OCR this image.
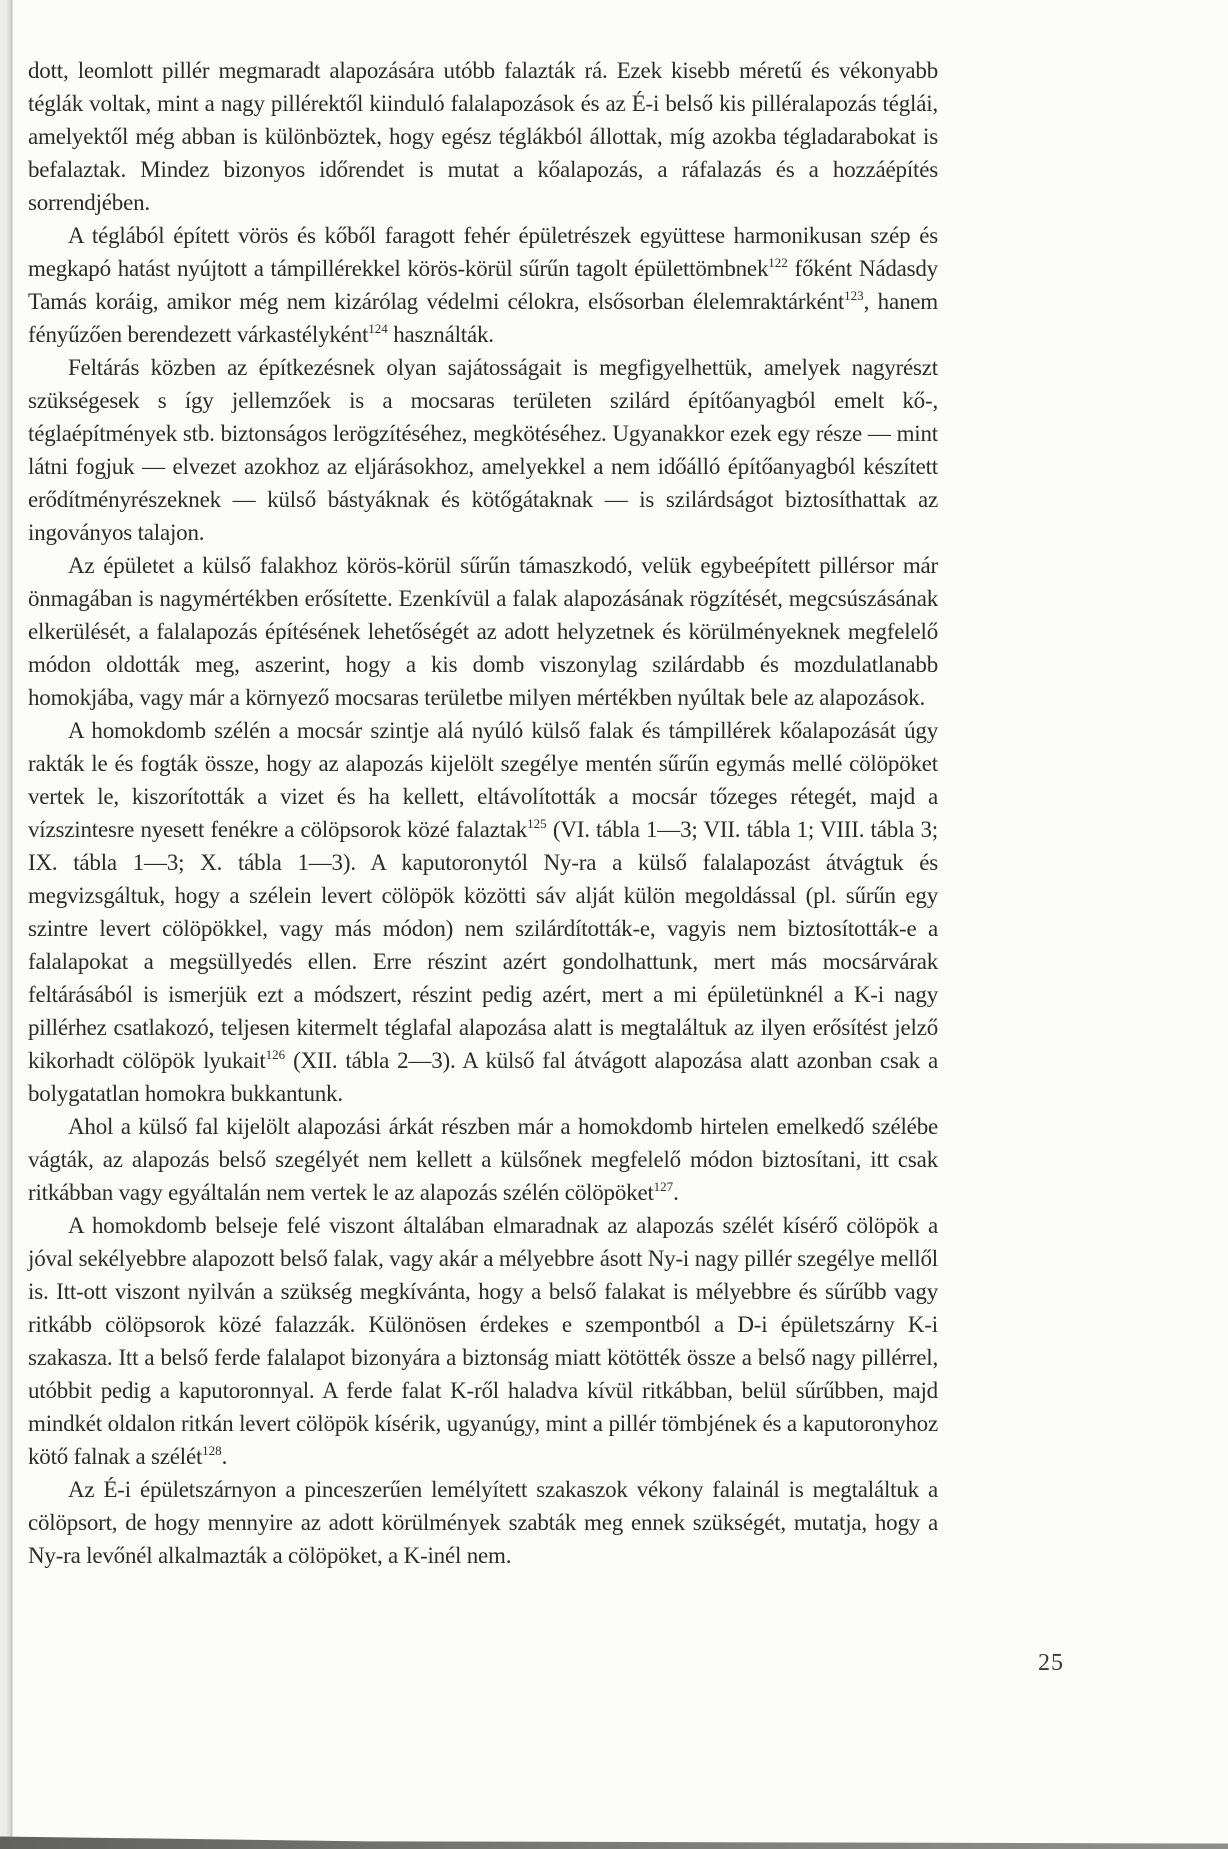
dott, leomlott pillér megmaradt alapozására utóbb falazták rá. Ezek kisebb méretű és vékonyabb téglák voltak, mint a nagy pillérektől kiinduló falalapozások és az É-i belső kis pilléralapozás téglái, amelyektől még abban is különböztek, hogy egész téglákból állottak, míg azokba tégladarabokat is befalaztak. Mindez bizonyos időrendet is mutat a kőalapozás, a ráfalazás és a hozzáépítés sorrendjében.

A téglából épített vörös és kőből faragott fehér épületrészek együttese harmonikusan szép és megkapó hatást nyújtott a támpillérekkel körös-körül sűrűn tagolt épülettömbnek$^{122}$ főként Nádasdy Tamás koráig, amikor még nem kizárólag védelmi célokra, elsősorban élelemraktárként$^{123}$, hanem fényűzően berendezett várkastélyként$^{124}$ használták.

Feltárás közben az építkezésnek olyan sajátosságait is megfigyelhettük, amelyek nagyrészt szükségesek s így jellemzőek is a mocsaras területen szilárd építőanyagból emelt kő-, téglaépítmények stb. biztonságos lerögzítéséhez, megkötéséhez. Ugyanakkor ezek egy része — mint látni fogjuk — elvezet azokhoz az eljárásokhoz, amelyekkel a nem időálló építőanyagból készített erődítményrészeknek — külső bástyáknak és kötőgátaknak — is szilárdságot biztosíthattak az ingoványos talajon.

Az épületet a külső falakhoz körös-körül sűrűn támaszkodó, velük egybeépített pillérsor már önmagában is nagymértékben erősítette. Ezenkívül a falak alapozásának rögzítését, megcsúszásának elkerülését, a falalapozás építésének lehetőségét az adott helyzetnek és körülményeknek megfelelő módon oldották meg, aszerint, hogy a kis domb viszonylag szilárdabb és mozdulatlanabb homokjába, vagy már a környező mocsaras területbe milyen mértékben nyúltak bele az alapozások.

A homokdomb szélén a mocsár szintje alá nyúló külső falak és támpillérek kőalapozását úgy rakták le és fogták össze, hogy az alapozás kijelölt szegélye mentén sűrűn egymás mellé cölöpöket vertek le, kiszorították a vizet és ha kellett, eltávolították a mocsár tőzeges rétegét, majd a vízszintesre nyesett fenékre a cölöpsorok közé falaztak$^{125}$ (VI. tábla 1—3; VII. tábla 1; VIII. tábla 3; IX. tábla 1—3; X. tábla 1—3). A kaputoronytól Ny-ra a külső falalapozást átvágtuk és megvizsgáltuk, hogy a szélein levert cölöpök közötti sáv alját külön megoldással (pl. sűrűn egy szintre levert cölöpökkel, vagy más módon) nem szilárdították-e, vagyis nem biztosították-e a falalapokat a megsüllyedés ellen. Erre részint azért gondolhattunk, mert más mocsárvárak feltárásából is ismerjük ezt a módszert, részint pedig azért, mert a mi épületünknél a K-i nagy pillérhez csatlakozó, teljesen kitermelt téglafal alapozása alatt is megtaláltuk az ilyen erősítést jelző kikorhadt cölöpök lyukait$^{126}$ (XII. tábla 2—3). A külső fal átvágott alapozása alatt azonban csak a bolygatatlan homokra bukkantunk.

Ahol a külső fal kijelölt alapozási árkát részben már a homokdomb hirtelen emelkedő szélébe vágták, az alapozás belső szegélyét nem kellett a külsőnek megfelelő módon biztosítani, itt csak ritkábban vagy egyáltalán nem vertek le az alapozás szélén cölöpöket$^{127}$.

A homokdomb belseje felé viszont általában elmaradnak az alapozás szélét kísérő cölöpök a jóval sekélyebbre alapozott belső falak, vagy akár a mélyebbre ásott Ny-i nagy pillér szegélye mellől is. Itt-ott viszont nyilván a szükség megkívánta, hogy a belső falakat is mélyebbre és sűrűbb vagy ritkább cölöpsorok közé falazzák. Különösen érdekes e szempontból a D-i épületszárny K-i szakasza. Itt a belső ferde falalapot bizonyára a biztonság miatt kötötték össze a belső nagy pillérrel, utóbbit pedig a kaputoronnyal. A ferde falat K-ről haladva kívül ritkábban, belül sűrűbben, majd mindkét oldalon ritkán levert cölöpök kísérik, ugyanúgy, mint a pillér tömbjének és a kaputoronyhoz kötő falnak a szélét$^{128}$.

Az É-i épületszárnyon a pinceszerűen lemélyített szakaszok vékony falainál is megtaláltuk a cölöpsort, de hogy mennyire az adott körülmények szabták meg ennek szükségét, mutatja, hogy a Ny-ra levőnél alkalmazták a cölöpöket, a K-inél nem.

25
